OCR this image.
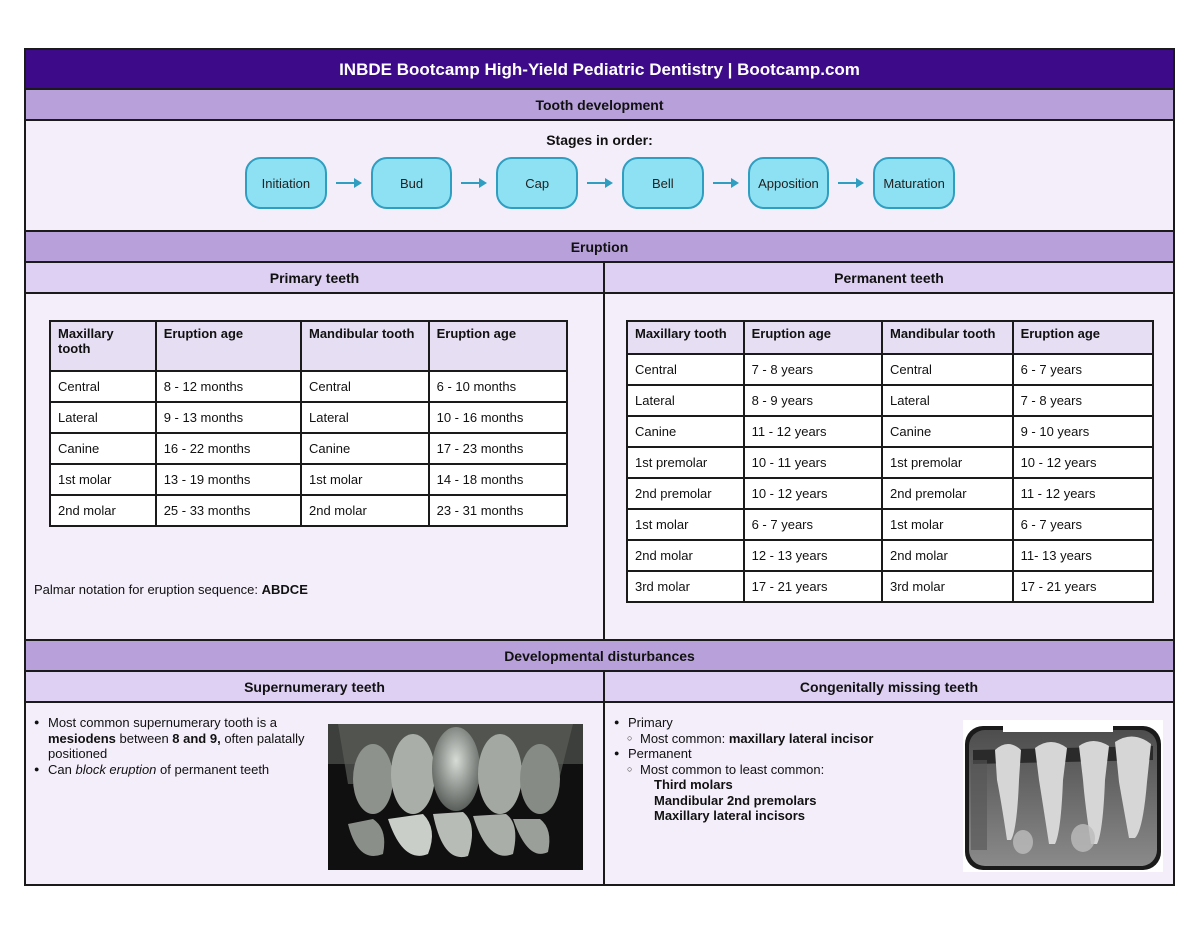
INBDE Bootcamp High-Yield Pediatric Dentistry | Bootcamp.com
Tooth development
Stages in order:
Initiation	Bud	Cap	Bell	Apposition	Maturation
Eruption
Primary teeth	Permanent teeth
Maxillary tooth	Eruption age	Mandibular tooth	Eruption age
Central	8 - 12 months	Central	6 - 10 months
Lateral	9 - 13 months	Lateral	10 - 16 months
Canine	16 - 22 months	Canine	17 - 23 months
1st molar	13 - 19 months	1st molar	14 - 18 months
2nd molar	25 - 33 months	2nd molar	23 - 31 months
Palmar notation for eruption sequence: ABDCE
Maxillary tooth	Eruption age	Mandibular tooth	Eruption age
Central	7 - 8 years	Central	6 - 7 years
Lateral	8 - 9 years	Lateral	7 - 8 years
Canine	11 - 12 years	Canine	9 - 10 years
1st premolar	10 - 11 years	1st premolar	10 - 12 years
2nd premolar	10 - 12 years	2nd premolar	11 - 12 years
1st molar	6 - 7 years	1st molar	6 - 7 years
2nd molar	12 - 13 years	2nd molar	11- 13 years
3rd molar	17 - 21 years	3rd molar	17 - 21 years
Developmental disturbances
Supernumerary teeth	Congenitally missing teeth
● Most common supernumerary tooth is a mesiodens between 8 and 9, often palatally positioned
● Can block eruption of permanent teeth
● Primary
○ Most common: maxillary lateral incisor
● Permanent
○ Most common to least common:
Third molars
Mandibular 2nd premolars
Maxillary lateral incisors
